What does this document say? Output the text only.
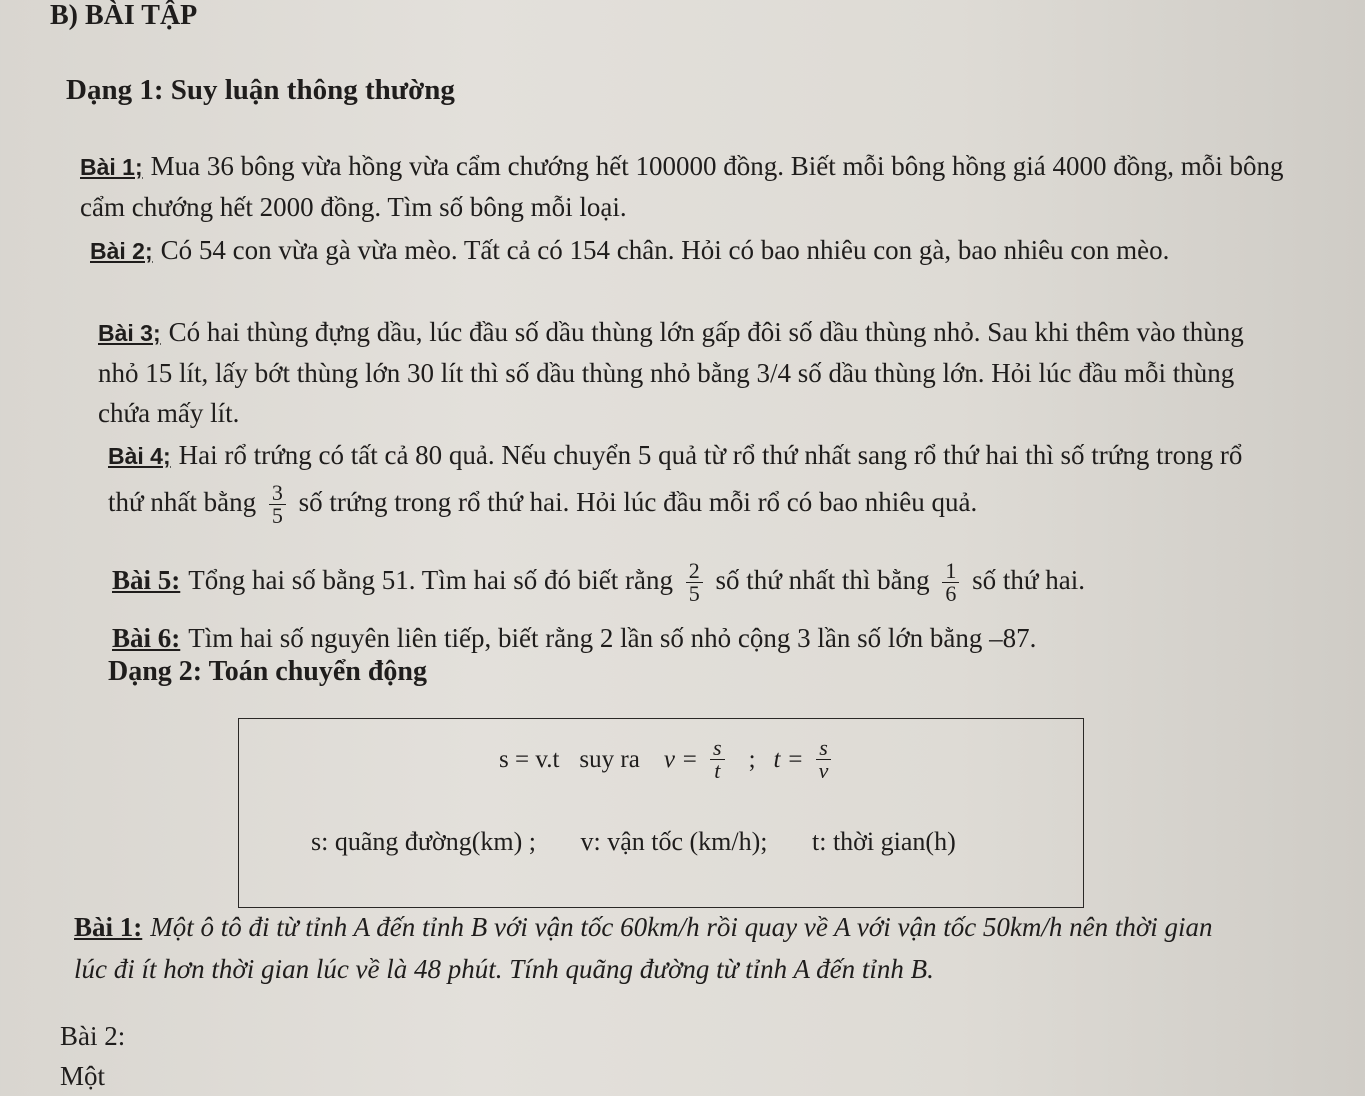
B) BÀI TẬP
Dạng 1: Suy luận thông thường

Bài 1; Mua 36 bông vừa hồng vừa cẩm chướng hết 100000 đồng. Biết mỗi bông hồng giá 4000 đồng, mỗi bông cẩm chướng hết 2000 đồng. Tìm số bông mỗi loại.

Bài 2; Có 54 con vừa gà vừa mèo. Tất cả có 154 chân. Hỏi có bao nhiêu con gà, bao nhiêu con mèo.

Bài 3; Có hai thùng đựng dầu, lúc đầu số dầu thùng lớn gấp đôi số dầu thùng nhỏ. Sau khi thêm vào thùng nhỏ 15 lít, lấy bớt thùng lớn 30 lít thì số dầu thùng nhỏ bằng 3/4 số dầu thùng lớn. Hỏi lúc đầu mỗi thùng chứa mấy lít.

Bài 4; Hai rổ trứng có tất cả 80 quả. Nếu chuyển 5 quả từ rổ thứ nhất sang rổ thứ hai thì số trứng trong rổ thứ nhất bằng $\frac{3}{5}$ số trứng trong rổ thứ hai. Hỏi lúc đầu mỗi rổ có bao nhiêu quả.

Bài 5: Tổng hai số bằng 51. Tìm hai số đó biết rằng $\frac{2}{5}$ số thứ nhất thì bằng $\frac{1}{6}$ số thứ hai.

Bài 6: Tìm hai số nguyên liên tiếp, biết rằng 2 lần số nhỏ cộng 3 lần số lớn bằng –87.

Dạng 2: Toán chuyển động
s = v.t suy ra $v = \frac{s}{t}$ ; $t = \frac{s}{v}$
s: quãng đường(km) ; v: vận tốc (km/h); t: thời gian(h)

Bài 1: Một ô tô đi từ tỉnh A đến tỉnh B với vận tốc 60km/h rồi quay về A với vận tốc 50km/h nên thời gian lúc đi ít hơn thời gian lúc về là 48 phút. Tính quãng đường từ tỉnh A đến tỉnh B.

Bài 2: Một
